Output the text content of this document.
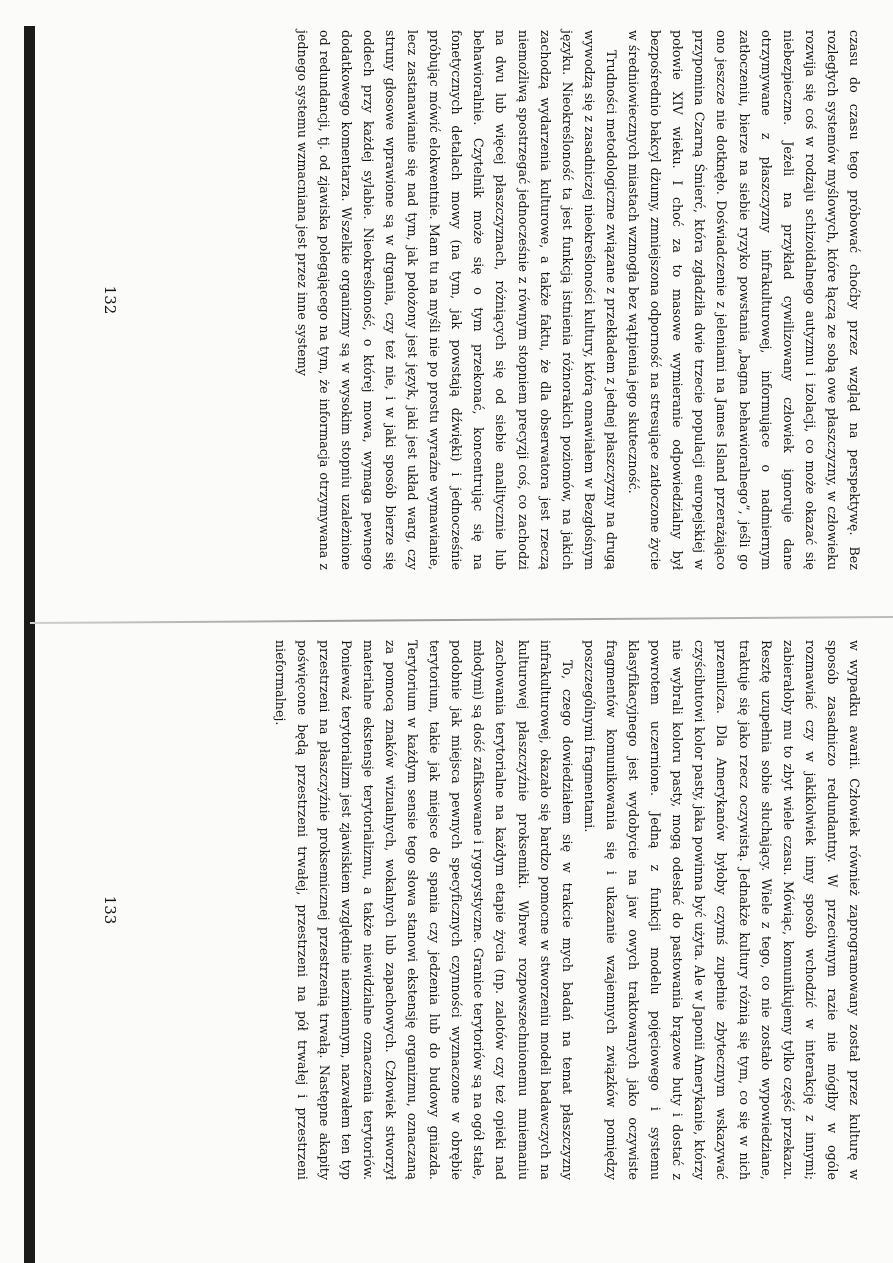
czasu do czasu tego próbować choćby przez wzgląd na perspektywę. Bez rozległych systemów myślowych, które łączą ze sobą owe płaszczyzny, w człowieku rozwija się coś w rodzaju schizoidalnego autyzmu i izolacji, co może okazać się niebezpieczne. Jeżeli na przykład cywilizowany człowiek ignoruje dane otrzymywane z płaszczyzny infrakulturowej, informujące o nadmiernym zatłoczeniu, bierze na siebie ryzyko powstania „bagna behawioralnego”, jeśli go ono jeszcze nie dotknęło. Doświadczenie z jeleniami na James Island przerażająco przypomina Czarną Śmierć, która zgładziła dwie trzecie populacji europejskiej w połowie XIV wieku. I choć za to masowe wymieranie odpowiedzialny był bezpośrednio bakcyl dżumy, zmniejszona odporność na stresujące zatłoczone życie w średniowiecznych miastach wzmogła bez wątpienia jego skuteczność.

Trudności metodologiczne związane z przekładem z jednej płaszczyzny na drugą wywodzą się z zasadniczej nieokreśloności kultury, którą omawiałem w Bezgłośnym języku. Nieokreśloność ta jest funkcją istnienia różnorakich poziomów, na jakich zachodzą wydarzenia kulturowe, a także faktu, że dla obserwatora jest rzeczą niemożliwą spostrzegać jednocześnie z równym stopniem precyzji coś, co zachodzi na dwu lub więcej płaszczyznach, różniących się od siebie analitycznie lub behawioralnie. Czytelnik może się o tym przekonać, koncentrując się na fonetycznych detalach mowy (na tym, jak powstają dźwięki) i jednocześnie próbując mówić elokwentnie. Mam tu na myśli nie po prostu wyraźne wymawianie, lecz zastanawianie się nad tym, jak położony jest język, jaki jest układ warg, czy struny głosowe wprawione są w drgania, czy też nie, i w jaki sposób bierze się oddech przy każdej sylabie. Nieokreśloność, o której mowa, wymaga pewnego dodatkowego komentarza. Wszelkie organizmy są w wysokim stopniu uzależnione od redundancji, tj. od zjawiska polegającego na tym, że informacja otrzymywana z jednego systemu wzmacniana jest przez inne systemy

132

w wypadku awarii. Człowiek również zaprogramowany został przez kulturę w sposób zasadniczo redundantny. W przeciwnym razie nie mógłby w ogóle rozmawiać czy w jakikolwiek inny sposób wchodzić w interakcję z innymi; zabierałoby mu to zbyt wiele czasu. Mówiąc, komunikujemy tylko część przekazu. Resztę uzupełnia sobie słuchający. Wiele z tego, co nie zostało wypowiedziane, traktuje się jako rzecz oczywistą. Jednakże kultury różnią się tym, co się w nich przemilcza. Dla Amerykanów byłoby czymś zupełnie zbytecznym wskazywać czyścibutowi kolor pasty, jaka powinna być użyta. Ale w Japonii Amerykanie, którzy nie wybrali koloru pasty, mogą odesłać do pastowania brązowe buty i dostać z powrotem uczernione. Jedną z funkcji modelu pojęciowego i systemu klasyfikacyjnego jest wydobycie na jaw owych traktowanych jako oczywiste fragmentów komunikowania się i ukazanie wzajemnych związków pomiędzy poszczególnymi fragmentami.

To, czego dowiedziałem się w trakcie mych badań na temat płaszczyzny infrakulturowej, okazało się bardzo pomocne w stworzeniu modeli badawczych na kulturowej płaszczyźnie proksemiki. Wbrew rozpowszechnionemu mniemaniu zachowania terytorialne na każdym etapie życia (np. zalotów czy też opieki nad młodymi) są dość zafiksowane i rygorystyczne. Granice terytoriów są na ogół stałe, podobnie jak miejsca pewnych specyficznych czynności wyznaczone w obrębie terytorium, takie jak miejsce do spania czy jedzenia lub do budowy gniazda. Terytorium w każdym sensie tego słowa stanowi ekstensję organizmu, oznaczaną za pomocą znaków wizualnych, wokalnych lub zapachowych. Człowiek stworzył materialne ekstensje terytorializmu, a także niewidzialne oznaczenia terytoriów. Ponieważ terytorializm jest zjawiskiem względnie niezmiennym, nazwałem ten typ przestrzeni na płaszczyźnie proksemicznej przestrzenią trwałą. Następne akapity poświęcone będą przestrzeni trwałej, przestrzeni na pół trwałej i przestrzeni nieformalnej.

133
